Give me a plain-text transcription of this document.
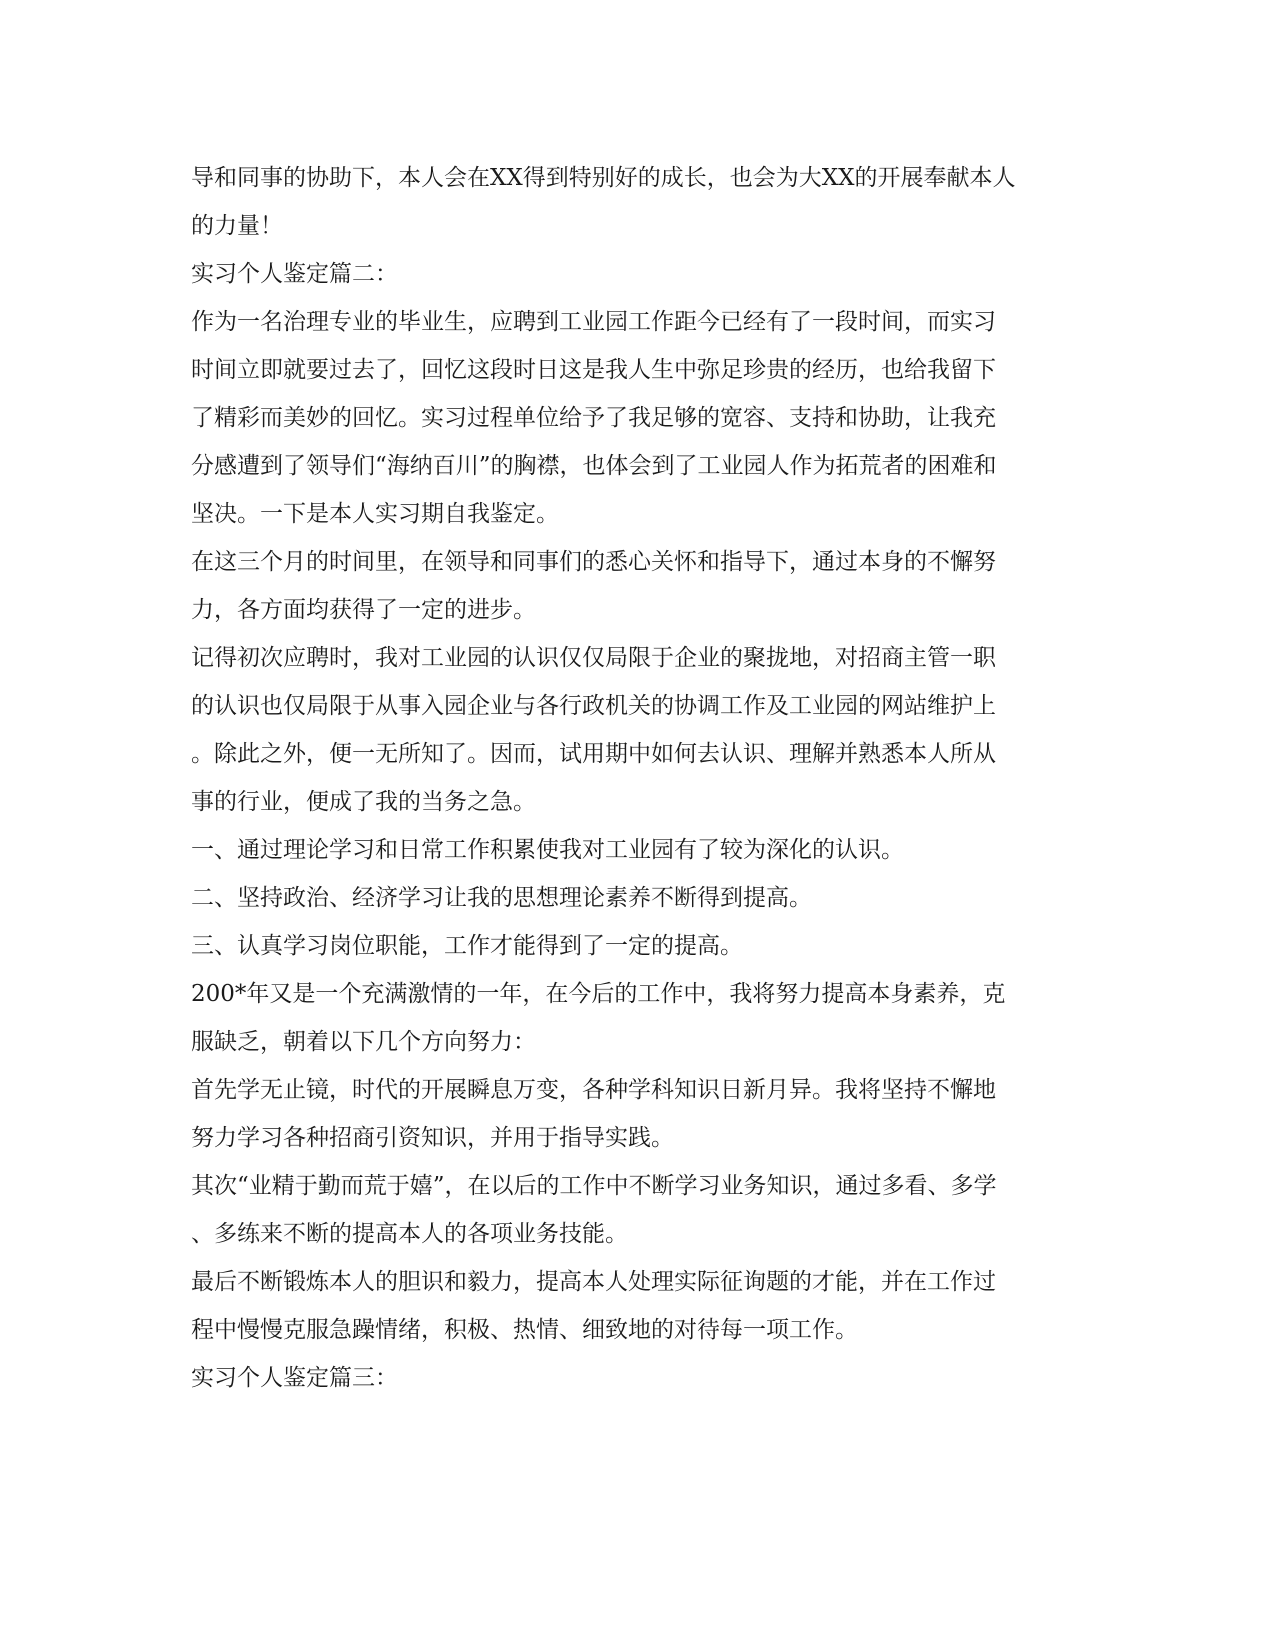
导和同事的协助下，本人会在XX得到特别好的成长，也会为大XX的开展奉献本人
的力量！
实习个人鉴定篇二：
作为一名治理专业的毕业生，应聘到工业园工作距今已经有了一段时间，而实习
时间立即就要过去了，回忆这段时日这是我人生中弥足珍贵的经历，也给我留下
了精彩而美妙的回忆。实习过程单位给予了我足够的宽容、支持和协助，让我充
分感遭到了领导们“海纳百川”的胸襟，也体会到了工业园人作为拓荒者的困难和
坚决。一下是本人实习期自我鉴定。
在这三个月的时间里，在领导和同事们的悉心关怀和指导下，通过本身的不懈努
力，各方面均获得了一定的进步。
记得初次应聘时，我对工业园的认识仅仅局限于企业的聚拢地，对招商主管一职
的认识也仅局限于从事入园企业与各行政机关的协调工作及工业园的网站维护上
。除此之外，便一无所知了。因而，试用期中如何去认识、理解并熟悉本人所从
事的行业，便成了我的当务之急。
一、通过理论学习和日常工作积累使我对工业园有了较为深化的认识。
二、坚持政治、经济学习让我的思想理论素养不断得到提高。
三、认真学习岗位职能，工作才能得到了一定的提高。
200*年又是一个充满激情的一年，在今后的工作中，我将努力提高本身素养，克
服缺乏，朝着以下几个方向努力：
首先学无止镜，时代的开展瞬息万变，各种学科知识日新月异。我将坚持不懈地
努力学习各种招商引资知识，并用于指导实践。
其次“业精于勤而荒于嬉”，在以后的工作中不断学习业务知识，通过多看、多学
、多练来不断的提高本人的各项业务技能。
最后不断锻炼本人的胆识和毅力，提高本人处理实际征询题的才能，并在工作过
程中慢慢克服急躁情绪，积极、热情、细致地的对待每一项工作。
实习个人鉴定篇三：
